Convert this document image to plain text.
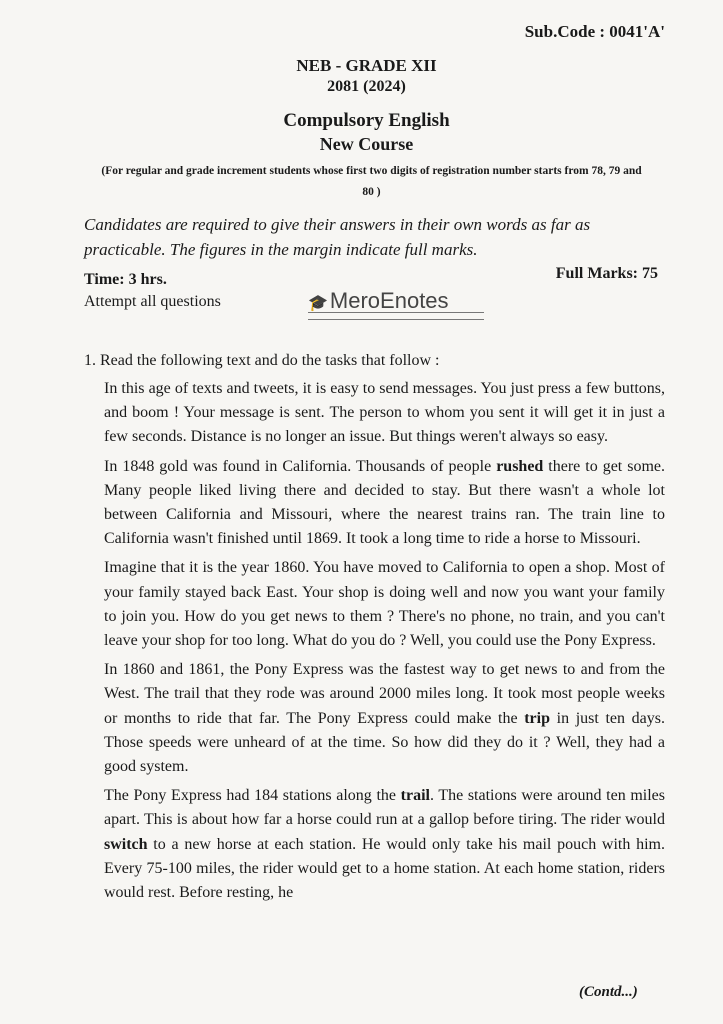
Sub.Code : 0041'A'
NEB - GRADE XII
2081 (2024)
Compulsory English
New Course
(For regular and grade increment students whose first two digits of registration number starts from 78, 79 and 80 )
Candidates are required to give their answers in their own words as far as practicable. The figures in the margin indicate full marks.
Time: 3 hrs.	Full Marks: 75
Attempt all questions	🎓MeroEnotes
1. Read the following text and do the tasks that follow :

In this age of texts and tweets, it is easy to send messages. You just press a few buttons, and boom ! Your message is sent. The person to whom you sent it will get it in just a few seconds. Distance is no longer an issue. But things weren't always so easy.

In 1848 gold was found in California. Thousands of people rushed there to get some. Many people liked living there and decided to stay. But there wasn't a whole lot between California and Missouri, where the nearest trains ran. The train line to California wasn't finished until 1869. It took a long time to ride a horse to Missouri.

Imagine that it is the year 1860. You have moved to California to open a shop. Most of your family stayed back East. Your shop is doing well and now you want your family to join you. How do you get news to them ? There's no phone, no train, and you can't leave your shop for too long. What do you do ? Well, you could use the Pony Express.

In 1860 and 1861, the Pony Express was the fastest way to get news to and from the West. The trail that they rode was around 2000 miles long. It took most people weeks or months to ride that far. The Pony Express could make the trip in just ten days. Those speeds were unheard of at the time. So how did they do it ? Well, they had a good system.

The Pony Express had 184 stations along the trail. The stations were around ten miles apart. This is about how far a horse could run at a gallop before tiring. The rider would switch to a new horse at each station. He would only take his mail pouch with him. Every 75-100 miles, the rider would get to a home station. At each home station, riders would rest. Before resting, he

(Contd...)
